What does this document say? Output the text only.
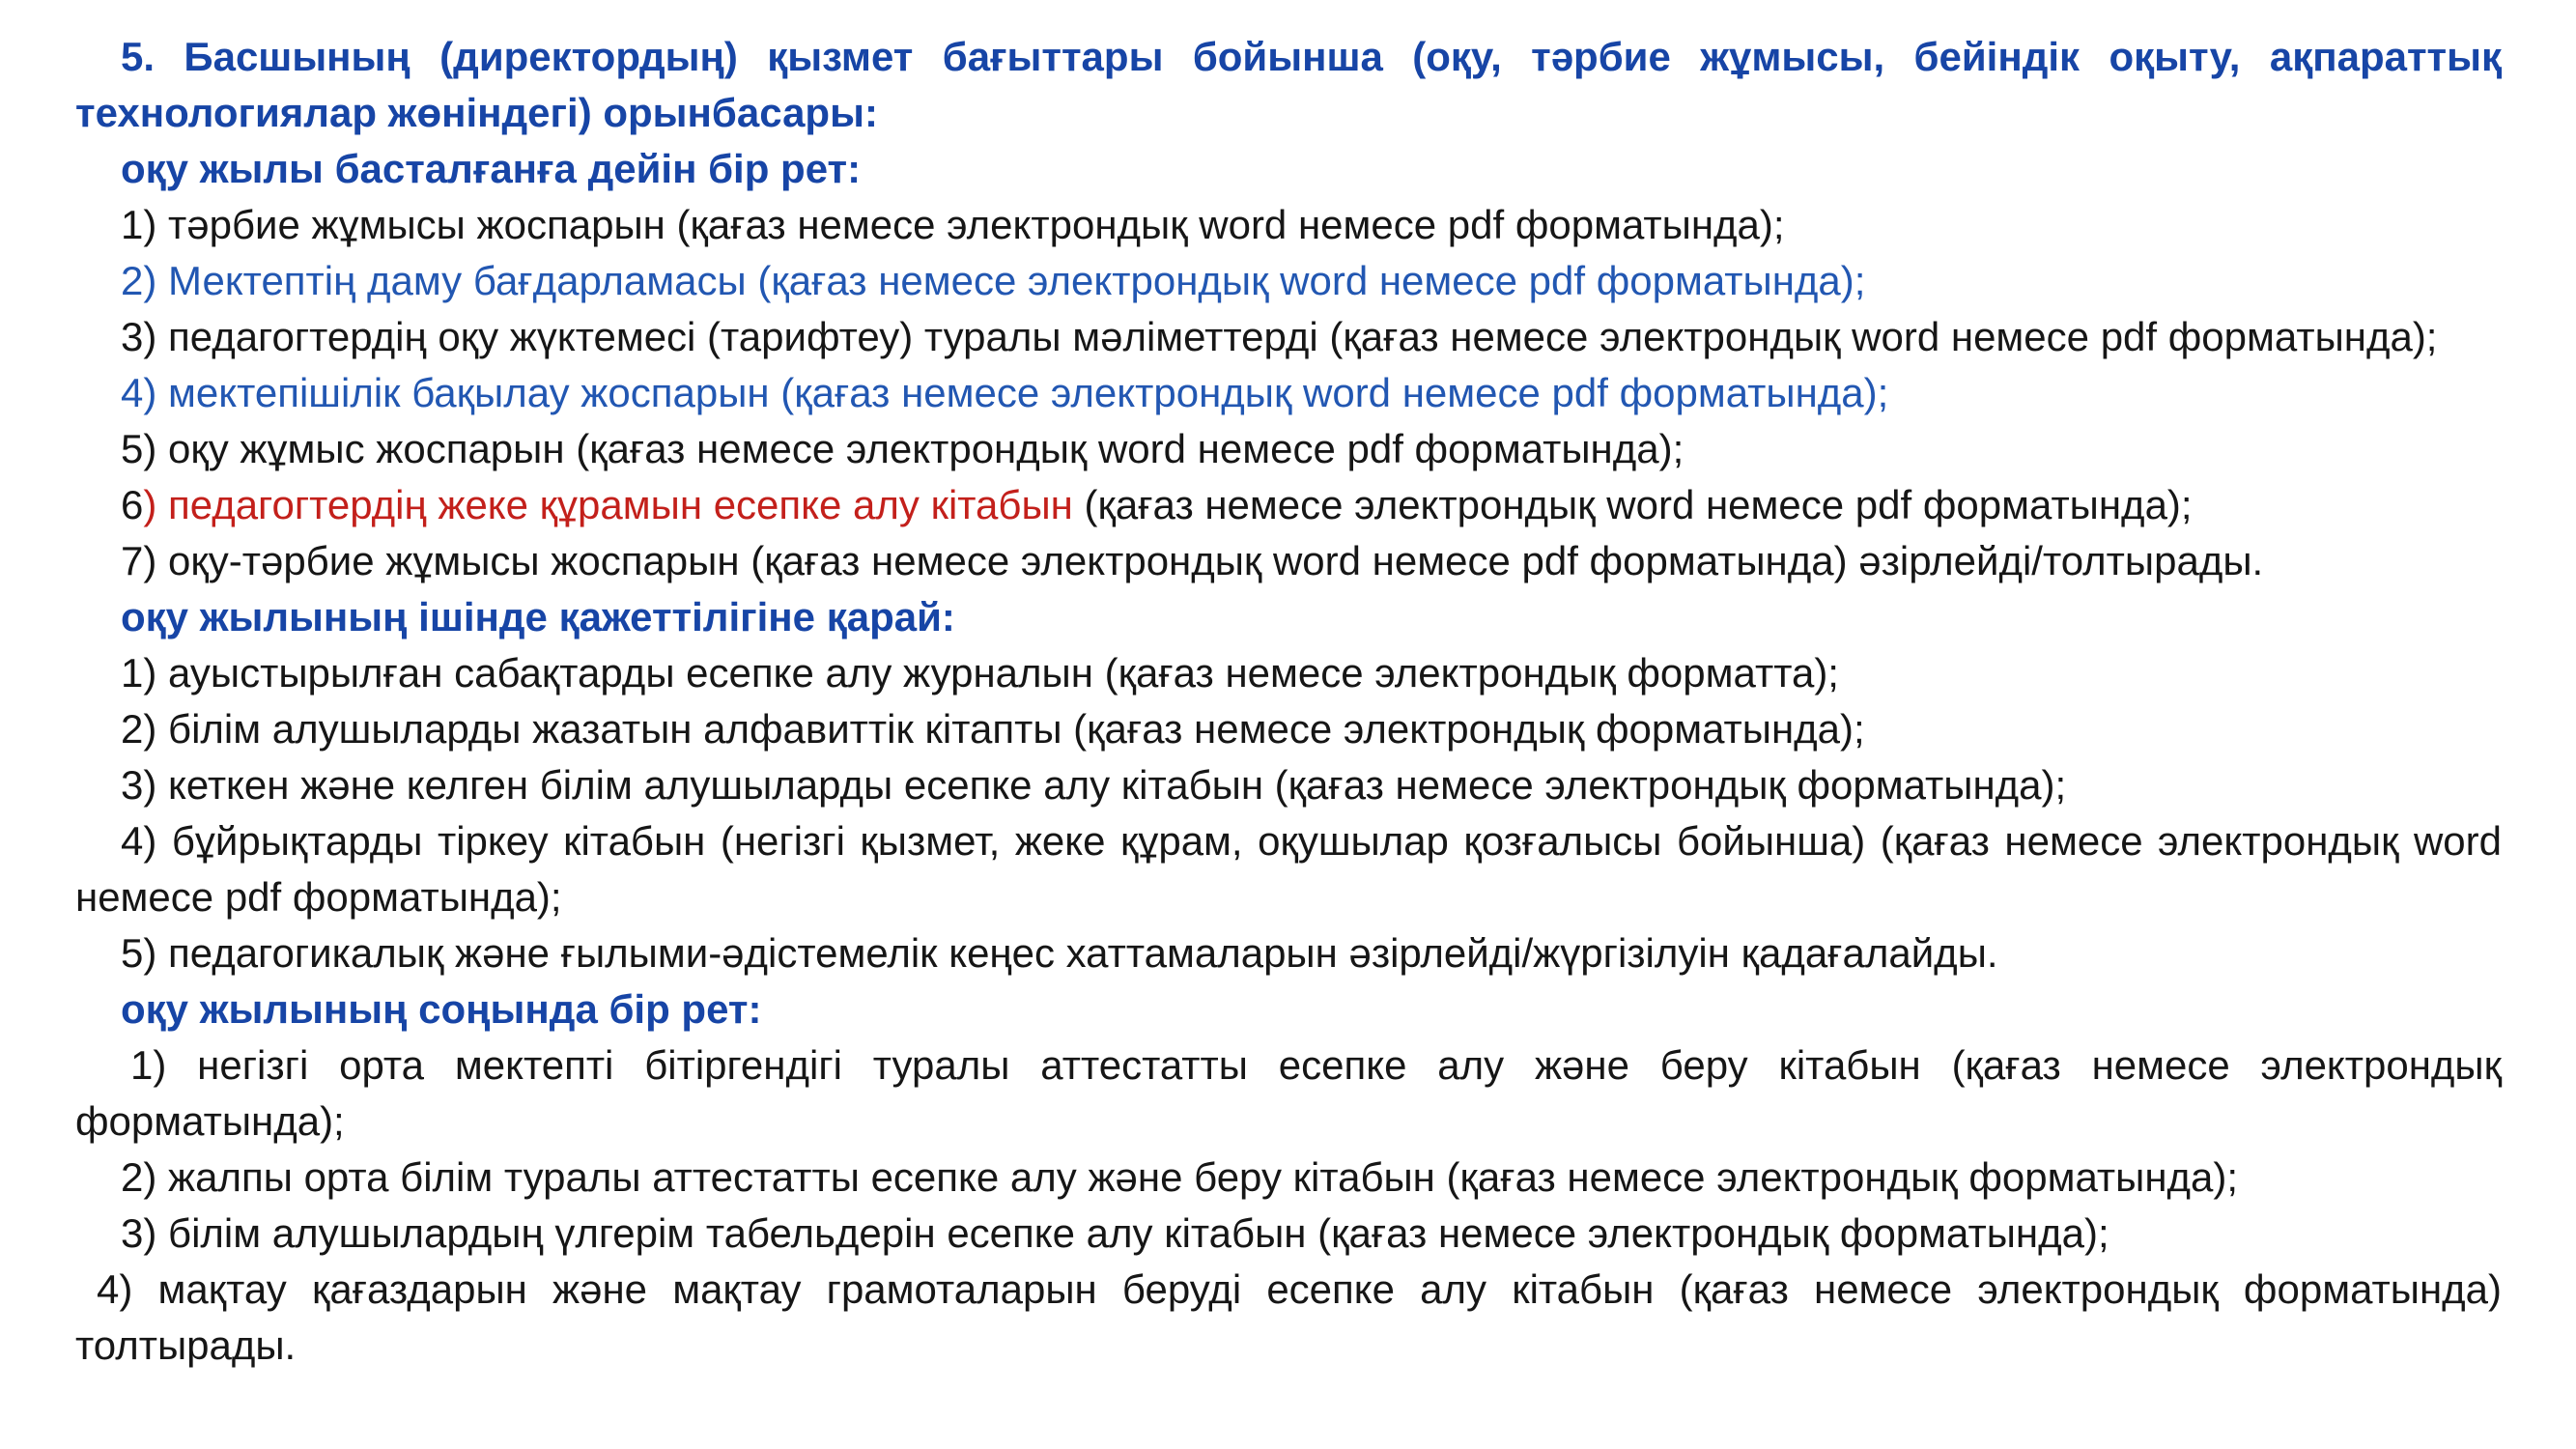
5. Басшының (директордың) қызмет бағыттары бойынша (оқу, тәрбие жұмысы, бейіндік оқыту, ақпараттық технологиялар жөніндегі) орынбасары:

оқу жылы басталғанға дейін бір рет:

1) тәрбие жұмысы жоспарын (қағаз немесе электрондық word немесе pdf форматында);

2) Мектептің даму бағдарламасы (қағаз немесе электрондық word немесе pdf форматында);

3) педагогтердің оқу жүктемесі (тарифтеу) туралы мәліметтерді (қағаз немесе электрондық word немесе pdf форматында);

4) мектепішілік бақылау жоспарын (қағаз немесе электрондық word немесе pdf форматында);

5) оқу жұмыс жоспарын (қағаз немесе электрондық word немесе pdf форматында);

6) педагогтердің жеке құрамын есепке алу кітабын (қағаз немесе электрондық word немесе pdf форматында);

7) оқу-тәрбие жұмысы жоспарын (қағаз немесе электрондық word немесе pdf форматында) әзірлейді/толтырады.

оқу жылының ішінде қажеттілігіне қарай:

1) ауыстырылған сабақтарды есепке алу журналын (қағаз немесе электрондық форматта);

2) білім алушыларды жазатын алфавиттік кітапты (қағаз немесе электрондық форматында);

3) кеткен және келген білім алушыларды есепке алу кітабын (қағаз немесе электрондық форматында);

4) бұйрықтарды тіркеу кітабын (негізгі қызмет, жеке құрам, оқушылар қозғалысы бойынша) (қағаз немесе электрондық word немесе pdf форматында);

5) педагогикалық және ғылыми-әдістемелік кеңес хаттамаларын әзірлейді/жүргізілуін қадағалайды.

оқу жылының соңында бір рет:

1) негізгі орта мектепті бітіргендігі туралы аттестатты есепке алу және беру кітабын (қағаз немесе электрондық форматында);

2) жалпы орта білім туралы аттестатты есепке алу және беру кітабын (қағаз немесе электрондық форматында);

3) білім алушылардың үлгерім табельдерін есепке алу кітабын (қағаз немесе электрондық форматында);

4) мақтау қағаздарын және мақтау грамоталарын беруді есепке алу кітабын (қағаз немесе электрондық форматында) толтырады.
